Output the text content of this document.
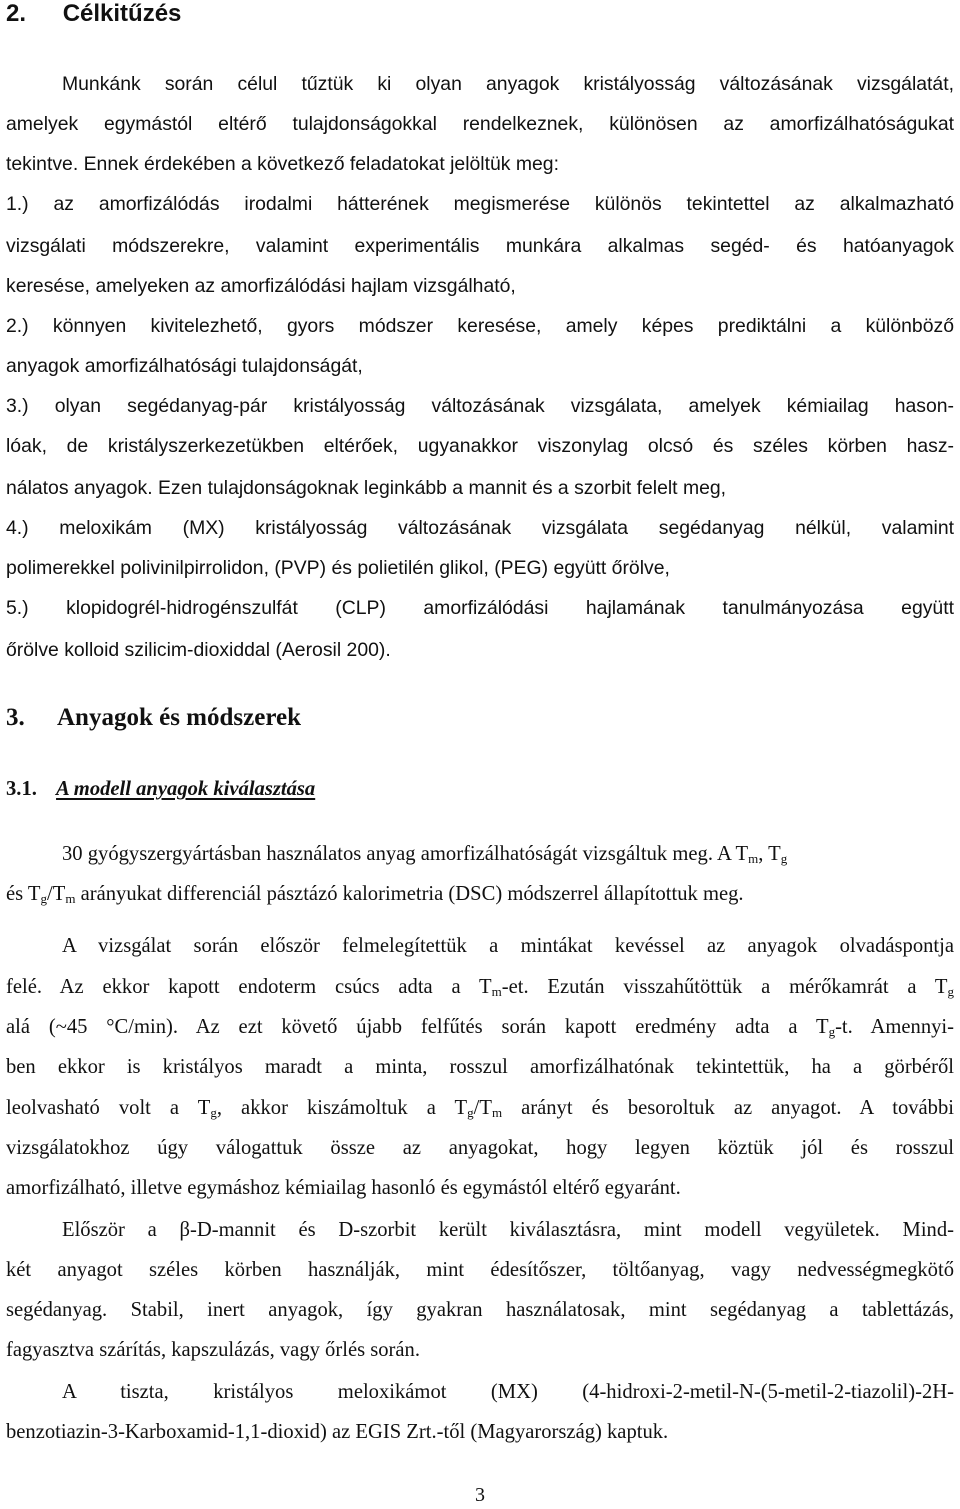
2. Célkitűzés
Munkánk során célul tűztük ki olyan anyagok kristályosság változásának vizsgálatát,
amelyek egymástól eltérő tulajdonságokkal rendelkeznek, különösen az amorfizálhatóságukat
tekintve. Ennek érdekében a következő feladatokat jelöltük meg:
1.) az amorfizálódás irodalmi hátterének megismerése különös tekintettel az alkalmazható
vizsgálati módszerekre, valamint experimentális munkára alkalmas segéd- és hatóanyagok
keresése, amelyeken az amorfizálódási hajlam vizsgálható,
2.) könnyen kivitelezhető, gyors módszer keresése, amely képes prediktálni a különböző
anyagok amorfizálhatósági tulajdonságát,
3.) olyan segédanyag-pár kristályosság változásának vizsgálata, amelyek kémiailag hason-
lóak, de kristályszerkezetükben eltérőek, ugyanakkor viszonylag olcsó és széles körben hasz-
nálatos anyagok. Ezen tulajdonságoknak leginkább a mannit és a szorbit felelt meg,
4.) meloxikám (MX) kristályosság változásának vizsgálata segédanyag nélkül, valamint
polimerekkel polivinilpirrolidon, (PVP) és polietilén glikol, (PEG) együtt őrölve,
5.) klopidogrél-hidrogénszulfát (CLP) amorfizálódási hajlamának tanulmányozása együtt
őrölve kolloid szilicim-dioxiddal (Aerosil 200).
3. Anyagok és módszerek
3.1. A modell anyagok kiválasztása
30 gyógyszergyártásban használatos anyag amorfizálhatóságát vizsgáltuk meg. A $T_m$, $T_g$
és $T_g/T_m$ arányukat differenciál pásztázó kalorimetria (DSC) módszerrel állapítottuk meg.
A vizsgálat során először felmelegítettük a mintákat kevéssel az anyagok olvadáspontja
felé. Az ekkor kapott endoterm csúcs adta a $T_m-et$. Ezután visszahűtöttük a mérőkamrát a $T_g$
alá (~45 °C/min). Az ezt követő újabb felfűtés során kapott eredmény adta a $T_g-t$. Amennyi-
ben ekkor is kristályos maradt a minta, rosszul amorfizálhatónak tekintettük, ha a görbéről
leolvasható volt a $T_g$, akkor kiszámoltuk a $T_g/T_m$ arányt és besoroltuk az anyagot. A további
vizsgálatokhoz úgy válogattuk össze az anyagokat, hogy legyen köztük jól és rosszul
amorfizálható, illetve egymáshoz kémiailag hasonló és egymástól eltérő egyaránt.
Először a β-D-mannit és D-szorbit került kiválasztásra, mint modell vegyületek. Mind-
két anyagot széles körben használják, mint édesítőszer, töltőanyag, vagy nedvességmegkötő
segédanyag. Stabil, inert anyagok, így gyakran használatosak, mint segédanyag a tablettázás,
fagyasztva szárítás, kapszulázás, vagy őrlés során.
A tiszta, kristályos meloxikámot (MX) (4-hidroxi-2-metil-N-(5-metil-2-tiazolil)-2H-
benzotiazin-3-Karboxamid-1,1-dioxid) az EGIS Zrt.-től (Magyarország) kaptuk.
3
